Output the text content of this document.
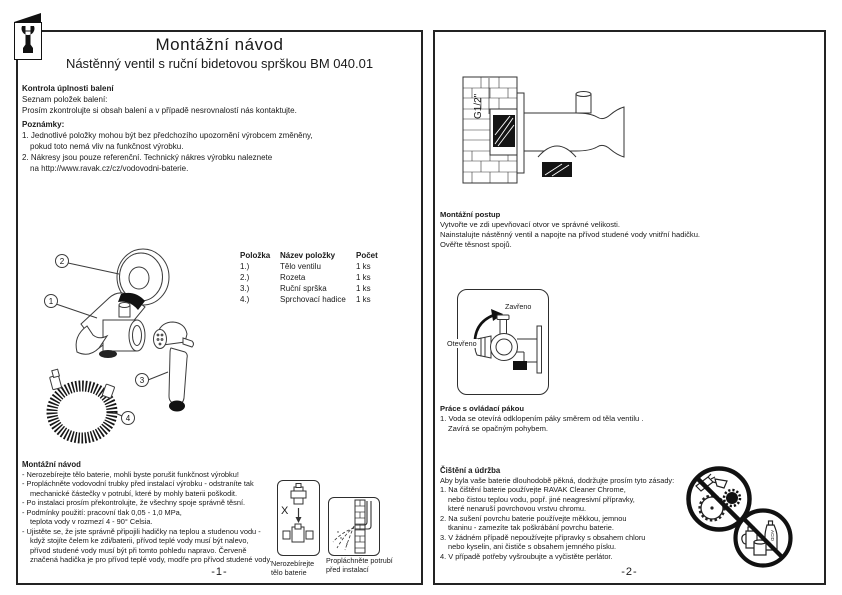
Montážní návod
Nástěnný ventil s ruční bidetovou sprškou BM 040.01
Kontrola úplnosti balení
Seznam položek balení:
Prosím zkontrolujte si obsah balení a v případě nesrovnalostí nás kontaktujte.
Poznámky:
1. Jednotlivé položky mohou být bez předchozího upozornění výrobcem změněny,
pokud toto nemá vliv na funkčnost výrobku.
2. Nákresy jsou pouze referenční. Technický nákres výrobku naleznete
na http://www.ravak.cz/cz/vodovodni-baterie.
1
2
3
4
Položka	Název položky	Počet
1.)	Tělo ventilu	1 ks
2.)	Rozeta	1 ks
3.)	Ruční sprška	1 ks
4.)	Sprchovací hadice	1 ks
Montážní návod
- Nerozebírejte tělo baterie, mohli byste porušit funkčnost výrobku!
- Propláchněte vodovodní trubky před instalací výrobku - odstraníte tak
mechanické částečky v potrubí, které by mohly baterii poškodit.
- Po instalaci prosím překontrolujte, že všechny spoje správně těsní.
- Podmínky použití: pracovní tlak 0,05 - 1,0 MPa,
teplota vody v rozmezí 4 - 90° Celsia.
- Ujistěte se, že jste správně připojili hadičky na teplou a studenou vodu -
když stojíte čelem ke zdi/baterii, přívod teplé vody musí být nalevo,
přívod studené vody musí být při tomto pohledu napravo. Červeně
značená hadička je pro přívod teplé vody, modře pro přívod studené vody.
X
Nerozebírejte
tělo baterie
Propláchněte potrubí
před instalací
-1-
G1/2"
Montážní postup
Vytvořte ve zdi upevňovací otvor ve správné velikosti.
Nainstalujte nástěnný ventil a napojte na přívod studené vody vnitřní hadičku.
Ověřte těsnost spojů.
Zavřeno
Otevřeno
Práce s ovládací pákou
1. Voda se otevírá odklopením páky směrem od těla ventilu .
Zavírá se opačným pohybem.
Čištění a údržba
Aby byla vaše baterie dlouhodobě pěkná, dodržujte prosím tyto zásady:
1. Na čištění baterie používejte RAVAK Cleaner Chrome,
nebo čistou teplou vodu, popř. jiné neagresivní přípravky,
které nenaruší povrchovou vrstvu chromu.
2. Na sušení povrchu baterie používejte měkkou, jemnou
tkaninu - zamezíte tak poškrábání povrchu baterie.
3. V žádném případě nepoužívejte přípravky s obsahem chloru
nebo kyselin, ani čističe s obsahem jemného písku.
4. V případě potřeby vyšroubujte a vyčistěte perlátor.
ACID
-2-
